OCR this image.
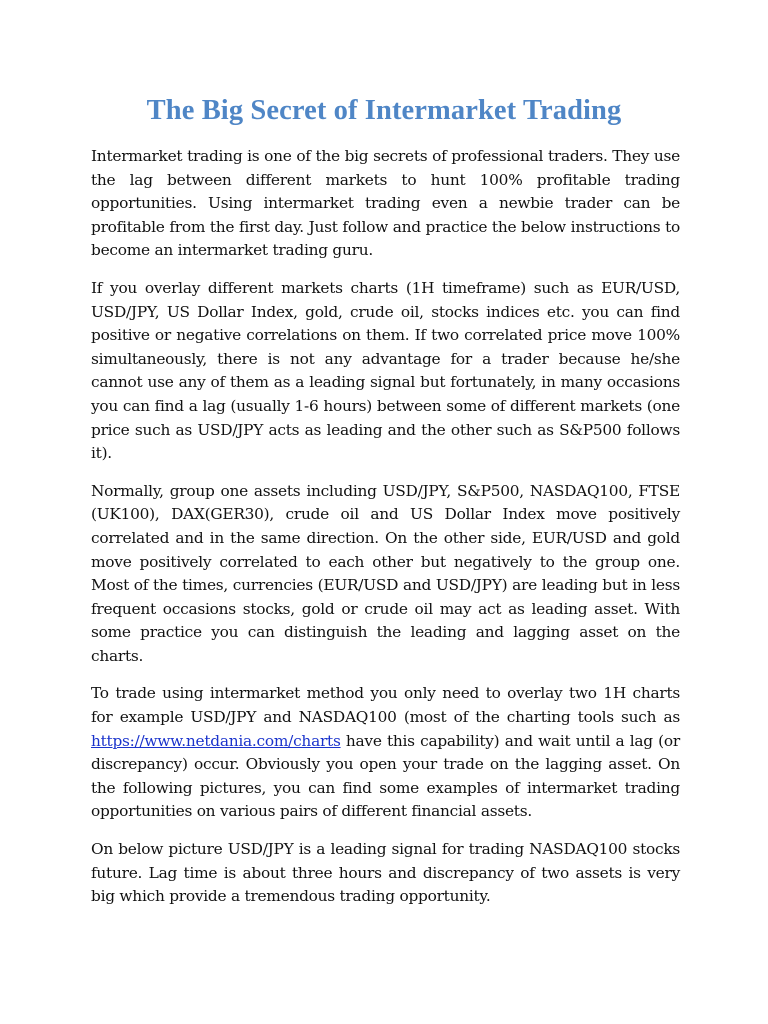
The Big Secret of Intermarket Trading

Intermarket trading is one of the big secrets of professional traders. They use the lag between different markets to hunt 100% profitable trading opportunities. Using intermarket trading even a newbie trader can be profitable from the first day. Just follow and practice the below instructions to become an intermarket trading guru.

If you overlay different markets charts (1H timeframe) such as EUR/USD, USD/JPY, US Dollar Index, gold, crude oil, stocks indices etc. you can find positive or negative correlations on them. If two correlated price move 100% simultaneously, there is not any advantage for a trader because he/she cannot use any of them as a leading signal but fortunately, in many occasions you can find a lag (usually 1-6 hours) between some of different markets (one price such as USD/JPY acts as leading and the other such as S&P500 follows it).

Normally, group one assets including USD/JPY, S&P500, NASDAQ100, FTSE (UK100), DAX(GER30), crude oil and US Dollar Index move positively correlated and in the same direction. On the other side, EUR/USD and gold move positively correlated to each other but negatively to the group one. Most of the times, currencies (EUR/USD and USD/JPY) are leading but in less frequent occasions stocks, gold or crude oil may act as leading asset. With some practice you can distinguish the leading and lagging asset on the charts.

To trade using intermarket method you only need to overlay two 1H charts for example USD/JPY and NASDAQ100 (most of the charting tools such as https://www.netdania.com/charts have this capability) and wait until a lag (or discrepancy) occur. Obviously you open your trade on the lagging asset. On the following pictures, you can find some examples of intermarket trading opportunities on various pairs of different financial assets.

On below picture USD/JPY is a leading signal for trading NASDAQ100 stocks future. Lag time is about three hours and discrepancy of two assets is very big which provide a tremendous trading opportunity.
